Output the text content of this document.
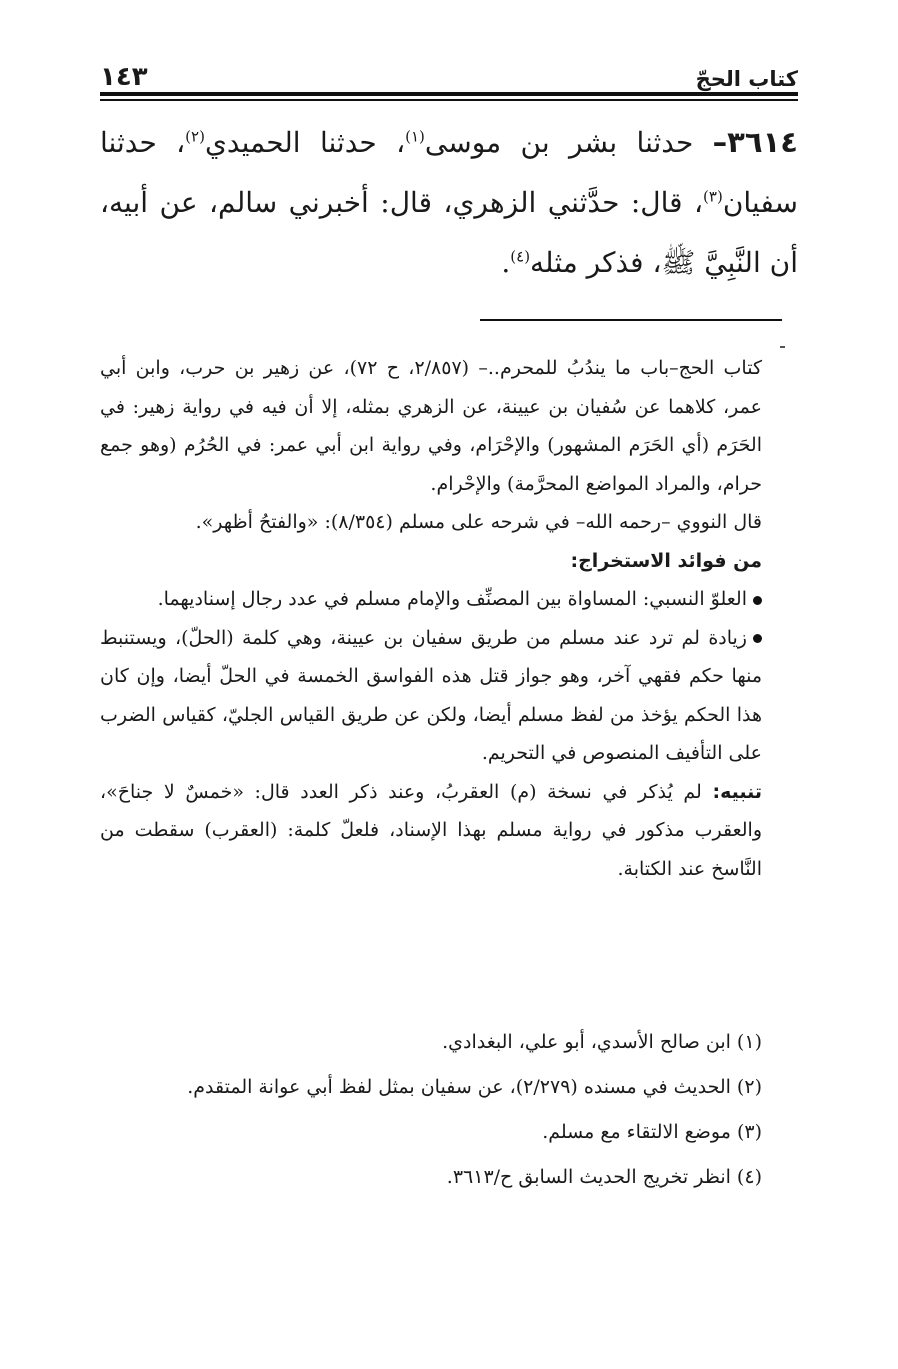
كتاب الحجّ
١٤٣

٣٦١٤– حدثنا بشر بن موسى$^{(١)}$، حدثنا الحميدي$^{(٢)}$، حدثنا سفيان$^{(٣)}$، قال: حدَّثني الزهري، قال: أخبرني سالم، عن أبيه، أن النَّبِيَّ ﷺ، فذكر مثله$^{(٤)}$.

كتاب الحج–باب ما يندُبُ للمحرم..– (٢/٨٥٧، ح ٧٢)، عن زهير بن حرب، وابن أبي عمر، كلاهما عن سُفيان بن عيينة، عن الزهري بمثله، إلا أن فيه في رواية زهير: في الحَرَم (أي الحَرَم المشهور) والإحْرَام، وفي رواية ابن أبي عمر: في الحُرُم (وهو جمع حرام، والمراد المواضع المحرَّمة) والإحْرام.

قال النووي –رحمه الله– في شرحه على مسلم (٨/٣٥٤): «والفتحُ أظهر».

من فوائد الاستخراج:

العلوّ النسبي: المساواة بين المصنِّف والإمام مسلم في عدد رجال إسناديهما.

زيادة لم ترد عند مسلم من طريق سفيان بن عيينة، وهي كلمة (الحلّ)، ويستنبط منها حكم فقهي آخر، وهو جواز قتل هذه الفواسق الخمسة في الحلّ أيضا، وإن كان هذا الحكم يؤخذ من لفظ مسلم أيضا، ولكن عن طريق القياس الجليّ، كقياس الضرب على التأفيف المنصوص في التحريم.

تنبيه: لم يُذكر في نسخة (م) العقربُ، وعند ذكر العدد قال: «خمسٌ لا جناحَ»، والعقرب مذكور في رواية مسلم بهذا الإسناد، فلعلّ كلمة: (العقرب) سقطت من النَّاسخ عند الكتابة.

(١) ابن صالح الأسدي، أبو علي، البغدادي.

(٢) الحديث في مسنده (٢/٢٧٩)، عن سفيان بمثل لفظ أبي عوانة المتقدم.

(٣) موضع الالتقاء مع مسلم.

(٤) انظر تخريج الحديث السابق ح/٣٦١٣.
